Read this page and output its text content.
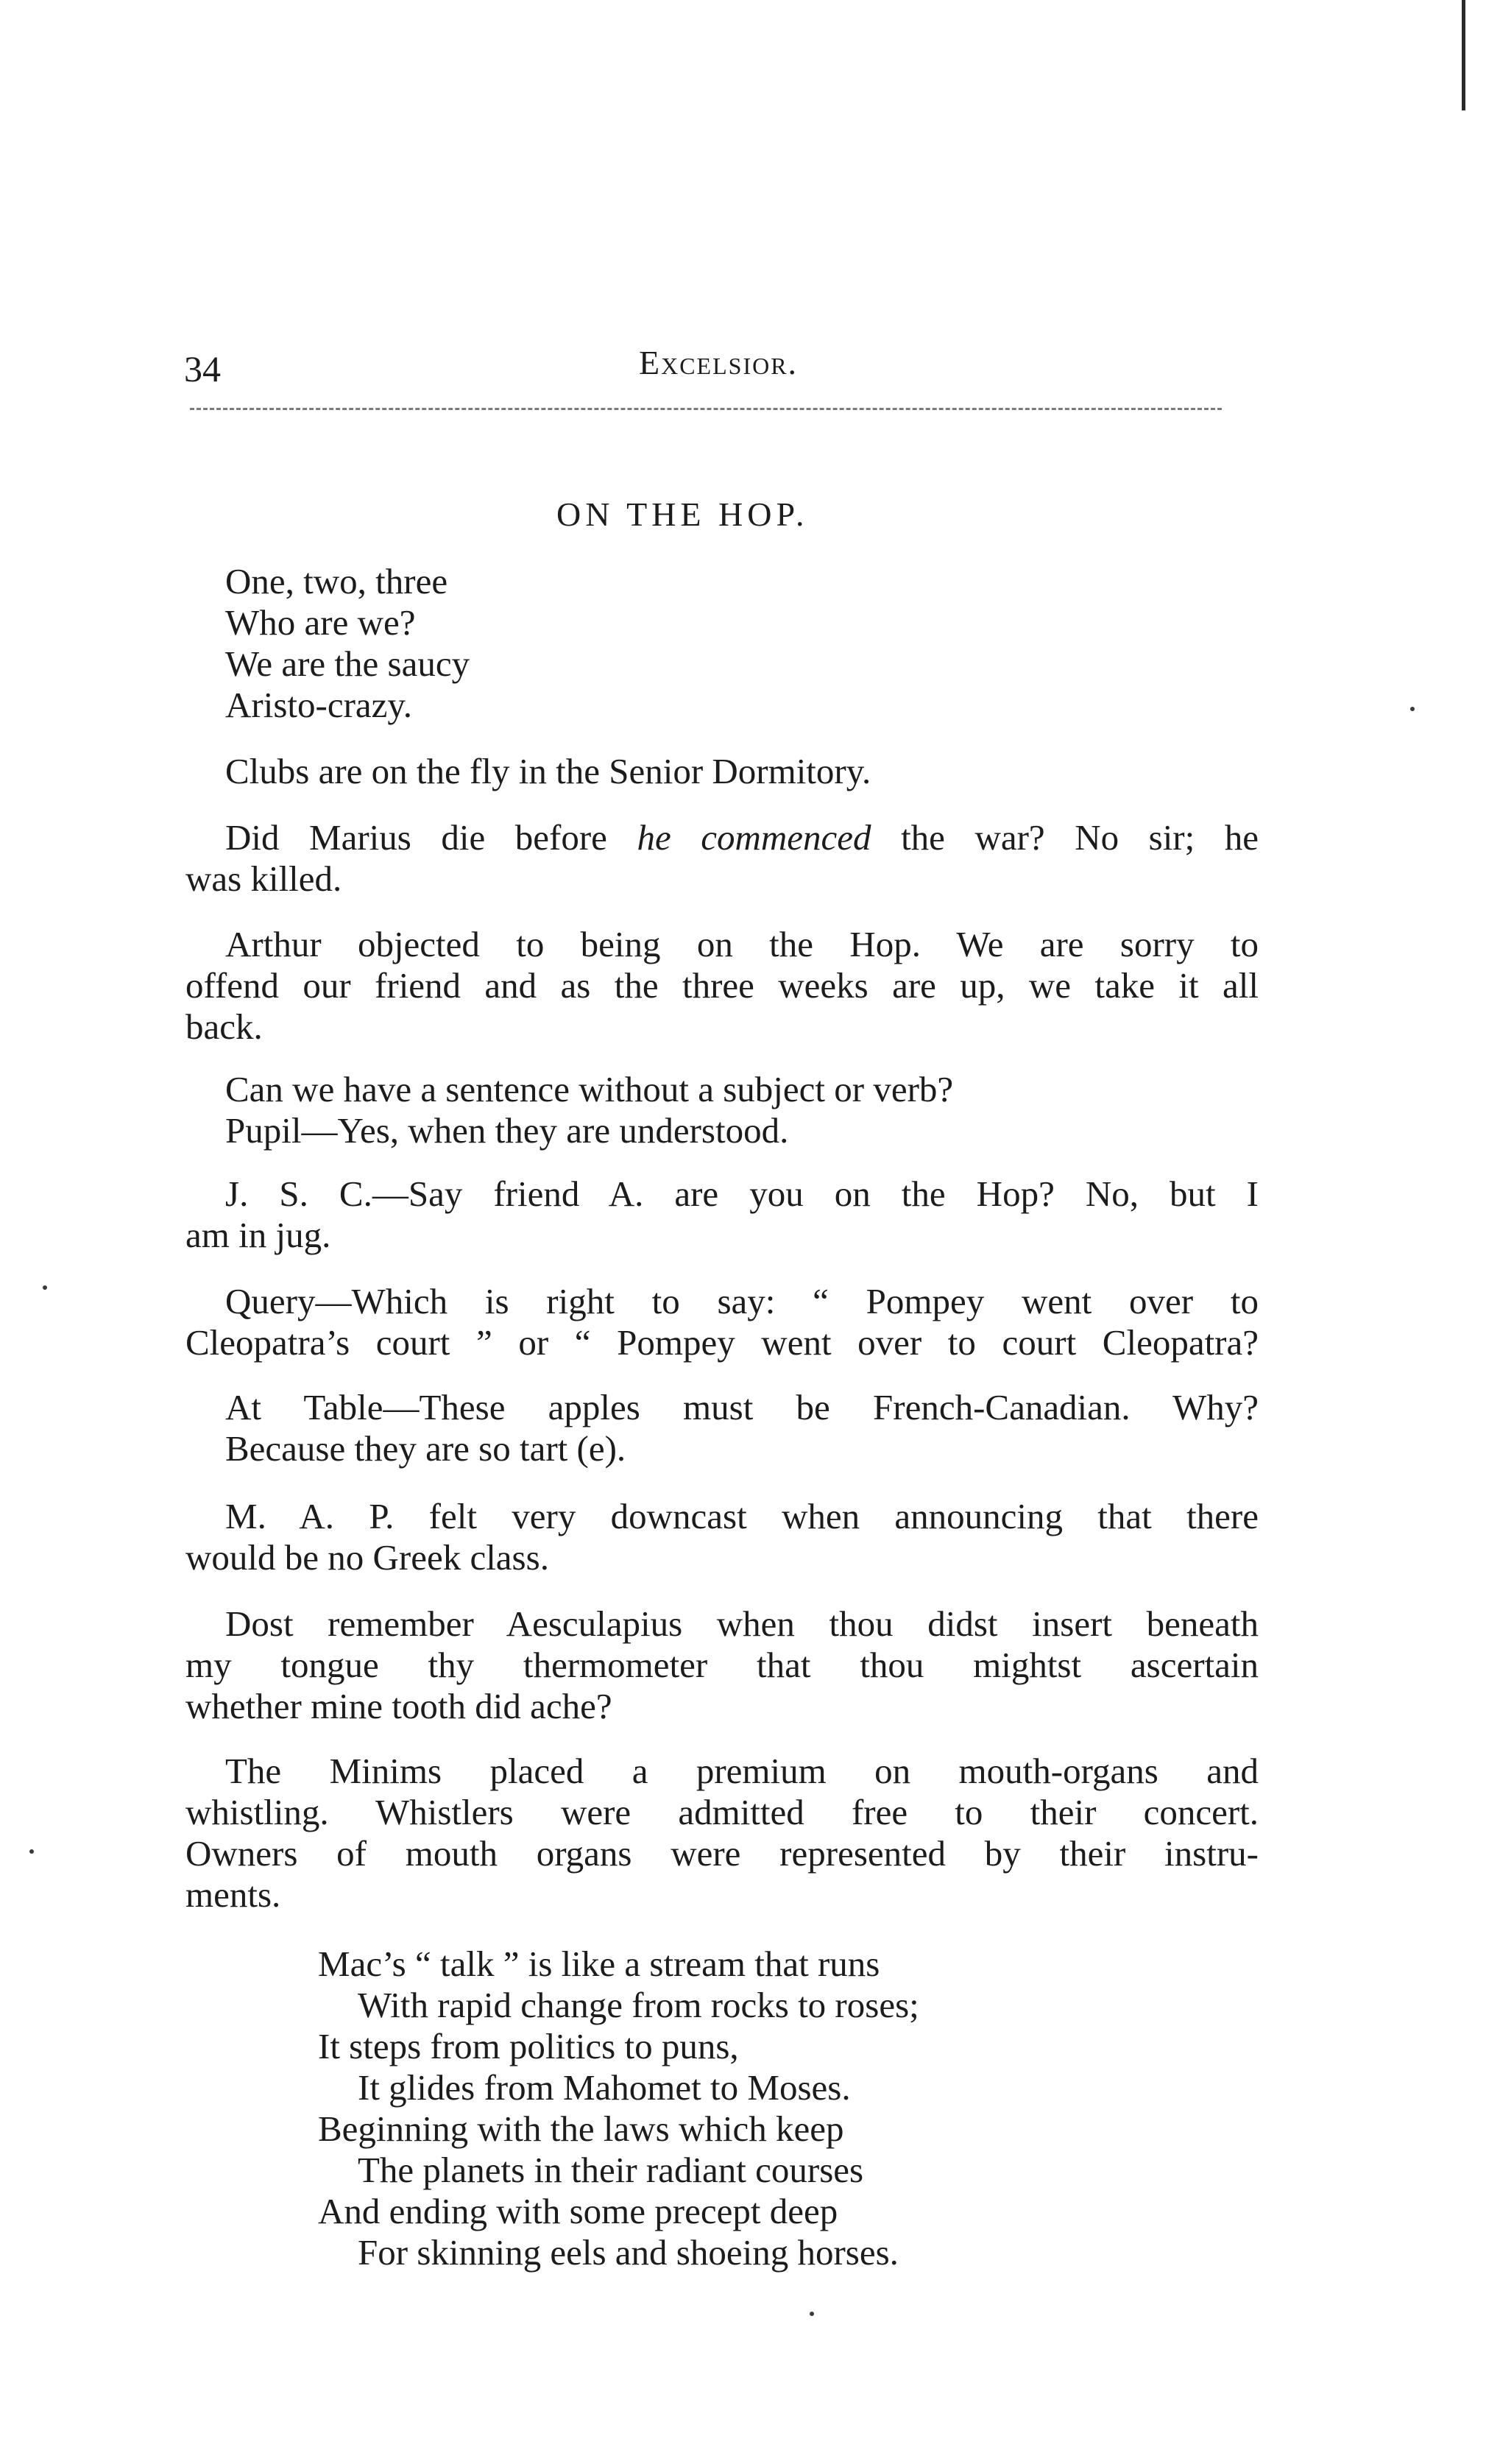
34	Excelsior.
ON THE HOP.
One, two, three
Who are we?
We are the saucy
Aristo-crazy.
Clubs are on the fly in the Senior Dormitory.
Did Marius die before he commenced the war? No sir; he
was killed.
Arthur objected to being on the Hop. We are sorry to
offend our friend and as the three weeks are up, we take it all
back.
Can we have a sentence without a subject or verb?
Pupil—Yes, when they are understood.
J. S. C.—Say friend A. are you on the Hop? No, but I
am in jug.
Query—Which is right to say: “ Pompey went over to
Cleopatra’s court ” or “ Pompey went over to court Cleopatra?
At Table—These apples must be French-Canadian. Why?
Because they are so tart (e).
M. A. P. felt very downcast when announcing that there
would be no Greek class.
Dost remember Aesculapius when thou didst insert beneath
my tongue thy thermometer that thou mightst ascertain
whether mine tooth did ache?
The Minims placed a premium on mouth-organs and
whistling. Whistlers were admitted free to their concert.
Owners of mouth organs were represented by their instru-
ments.
Mac’s “ talk ” is like a stream that runs
With rapid change from rocks to roses;
It steps from politics to puns,
It glides from Mahomet to Moses.
Beginning with the laws which keep
The planets in their radiant courses
And ending with some precept deep
For skinning eels and shoeing horses.
